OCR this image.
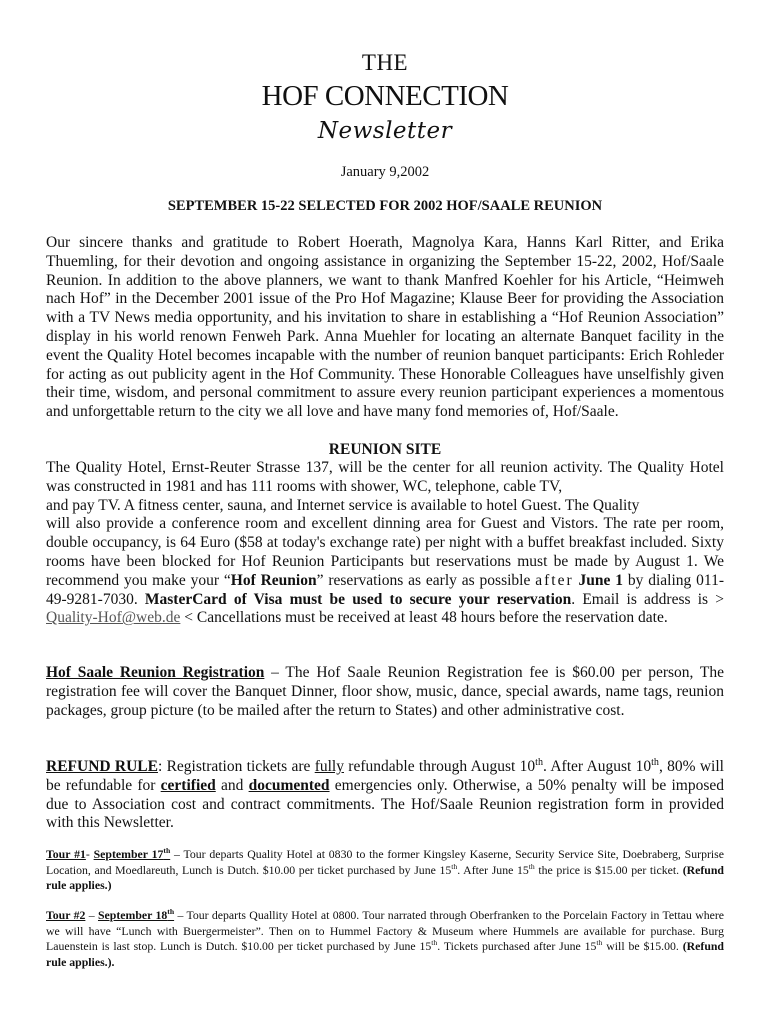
THE
HOF CONNECTION
Newsletter
January 9,2002
SEPTEMBER 15-22 SELECTED FOR 2002 HOF/SAALE REUNION
Our sincere thanks and gratitude to Robert Hoerath, Magnolya Kara, Hanns Karl Ritter, and Erika Thuemling, for their devotion and ongoing assistance in organizing the September 15-22, 2002, Hof/Saale Reunion. In addition to the above planners, we want to thank Manfred Koehler for his Article, “Heimweh nach Hof” in the December 2001 issue of the Pro Hof Magazine; Klause Beer for providing the Association with a TV News media opportunity, and his invitation to share in establishing a “Hof Reunion Association” display in his world renown Fenweh Park. Anna Muehler for locating an alternate Banquet facility in the event the Quality Hotel becomes incapable with the number of reunion banquet participants: Erich Rohleder for acting as out publicity agent in the Hof Community. These Honorable Colleagues have unselfishly given their time, wisdom, and personal commitment to assure every reunion participant experiences a momentous and unforgettable return to the city we all love and have many fond memories of, Hof/Saale.
REUNION SITE
The Quality Hotel, Ernst-Reuter Strasse 137, will be the center for all reunion activity. The Quality Hotel was constructed in 1981 and has 111 rooms with shower, WC, telephone, cable TV,
and pay TV. A fitness center, sauna, and Internet service is available to hotel Guest. The Quality
will also provide a conference room and excellent dinning area for Guest and Vistors. The rate per room, double occupancy, is 64 Euro ($58 at today's exchange rate) per night with a buffet breakfast included. Sixty rooms have been blocked for Hof Reunion Participants but reservations must be made by August 1. We recommend you make your “Hof Reunion” reservations as early as possible after June 1 by dialing 011-49-9281-7030. MasterCard of Visa must be used to secure your reservation. Email is address is > Quality-Hof@web.de < Cancellations must be received at least 48 hours before the reservation date.
Hof Saale Reunion Registration – The Hof Saale Reunion Registration fee is $60.00 per person, The registration fee will cover the Banquet Dinner, floor show, music, dance, special awards, name tags, reunion packages, group picture (to be mailed after the return to States) and other administrative cost.
REFUND RULE: Registration tickets are fully refundable through August 10th. After August 10th, 80% will be refundable for certified and documented emergencies only. Otherwise, a 50% penalty will be imposed due to Association cost and contract commitments. The Hof/Saale Reunion registration form in provided with this Newsletter.
Tour #1- September 17th – Tour departs Quality Hotel at 0830 to the former Kingsley Kaserne, Security Service Site, Doebraberg, Surprise Location, and Moedlareuth, Lunch is Dutch. $10.00 per ticket purchased by June 15th. After June 15th the price is $15.00 per ticket. (Refund rule applies.)
Tour #2 – September 18th – Tour departs Quallity Hotel at 0800. Tour narrated through Oberfranken to the Porcelain Factory in Tettau where we will have “Lunch with Buergermeister”. Then on to Hummel Factory & Museum where Hummels are available for purchase. Burg Lauenstein is last stop. Lunch is Dutch. $10.00 per ticket purchased by June 15th. Tickets purchased after June 15th will be $15.00. (Refund rule applies.).
